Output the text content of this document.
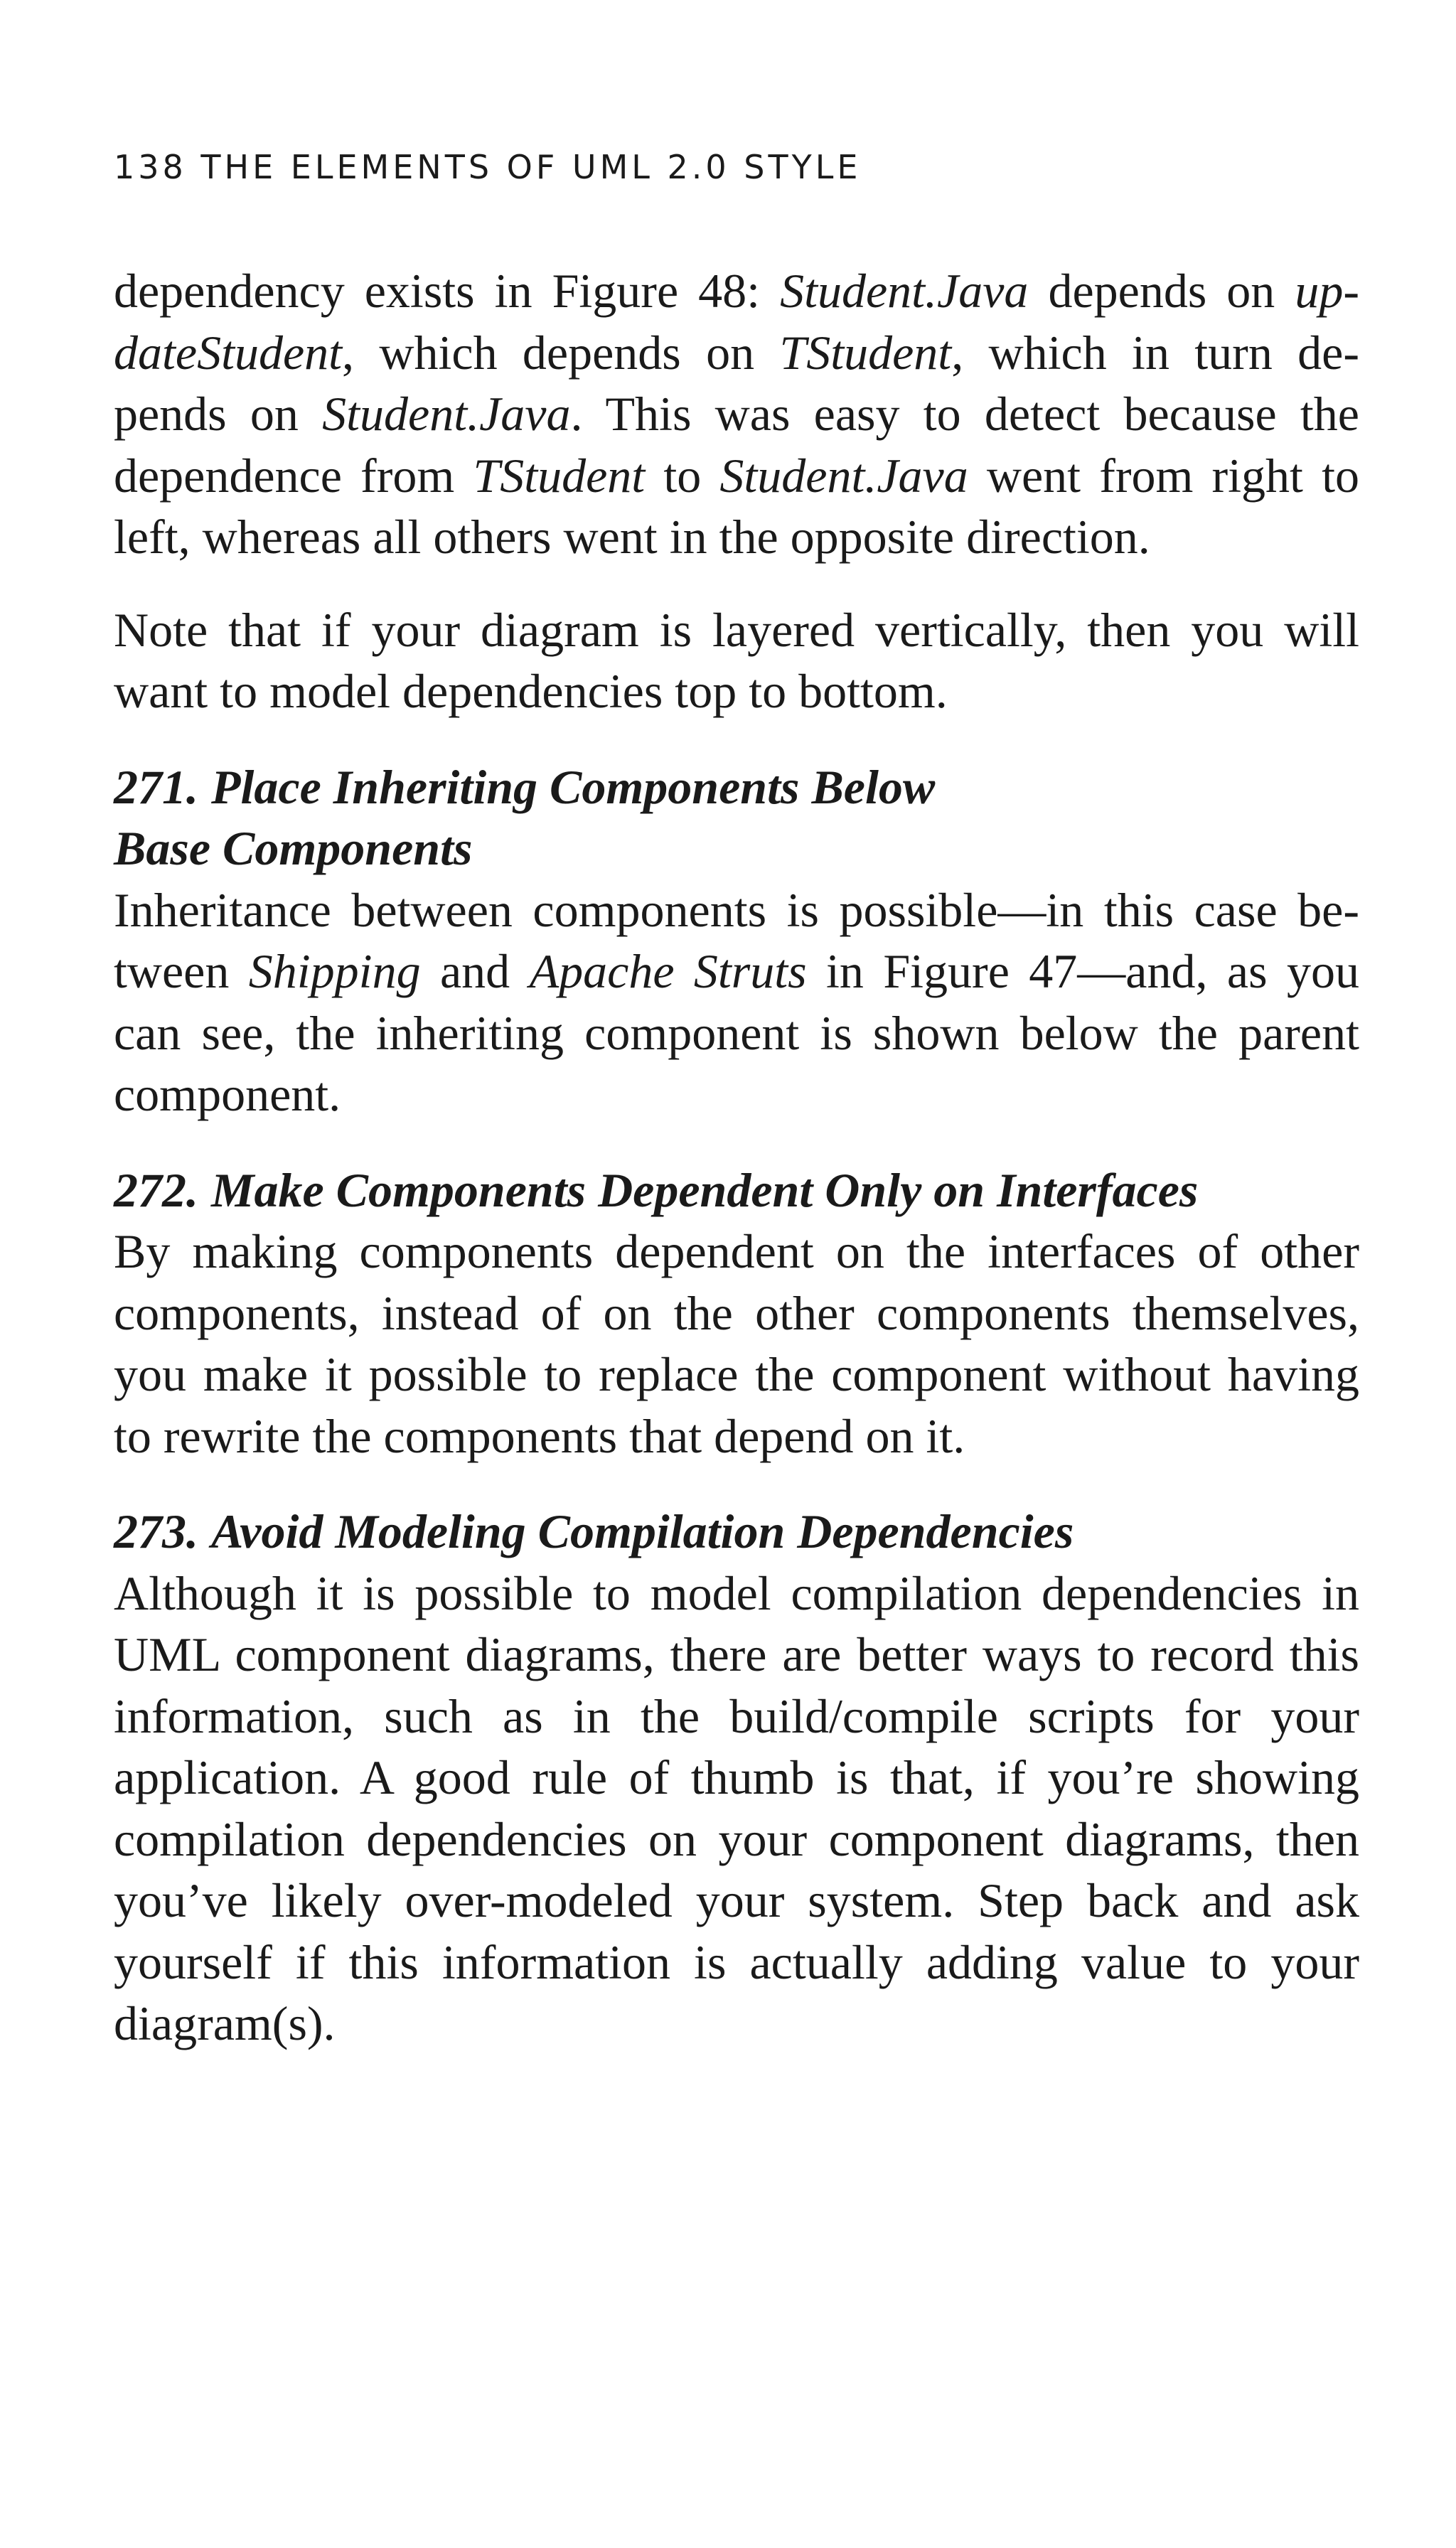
138 THE ELEMENTS OF UML 2.0 STYLE

dependency exists in Figure 48: Student.Java depends on up-dateStudent, which depends on TStudent, which in turn de-pends on Student.Java. This was easy to detect because the dependence from TStudent to Student.Java went from right to left, whereas all others went in the opposite direction.

Note that if your diagram is layered vertically, then you will want to model dependencies top to bottom.

271. Place Inheriting Components Below
Base Components

Inheritance between components is possible—in this case be-tween Shipping and Apache Struts in Figure 47—and, as you can see, the inheriting component is shown below the parent component.

272. Make Components Dependent Only on Interfaces

By making components dependent on the interfaces of other components, instead of on the other components themselves, you make it possible to replace the component without having to rewrite the components that depend on it.

273. Avoid Modeling Compilation Dependencies

Although it is possible to model compilation dependencies in UML component diagrams, there are better ways to record this information, such as in the build/compile scripts for your application. A good rule of thumb is that, if you’re showing compilation dependencies on your component diagrams, then you’ve likely over-modeled your system. Step back and ask yourself if this information is actually adding value to your diagram(s).
